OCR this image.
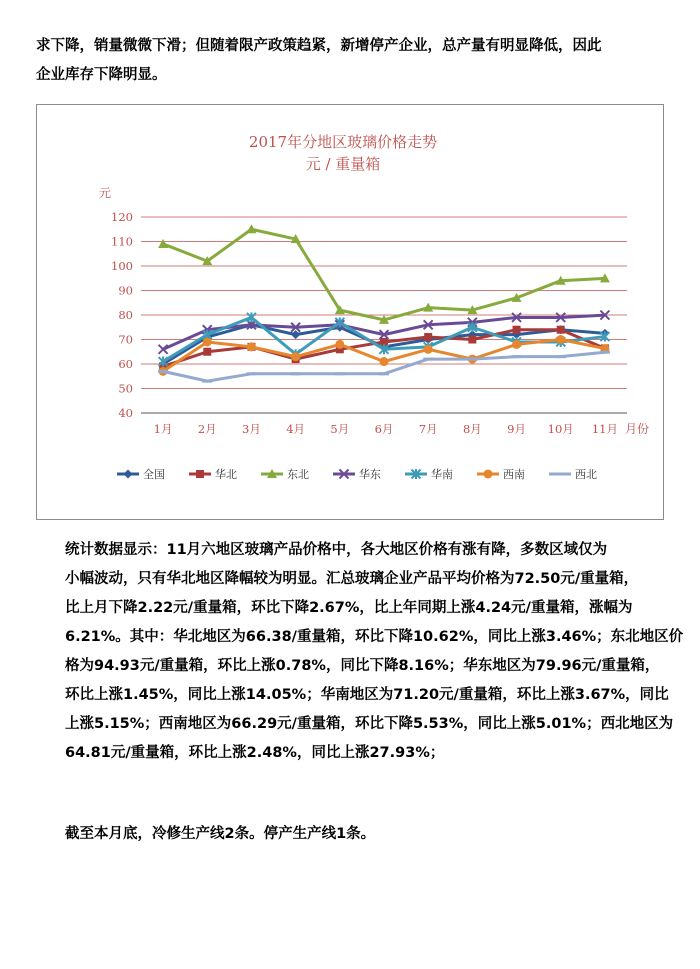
求下降，销量微微下滑；但随着限产政策趋紧，新增停产企业，总产量有明显降低，因此
企业库存下降明显。
2017年分地区玻璃价格走势
元 / 重量箱
元
月份
40
50
60
70
80
90
100
110
120
1月 2月 3月 4月 5月 6月 7月 8月 9月 10月 11月
全国	华北	东北	华东	华南	西南	西北
统计数据显示：11月六地区玻璃产品价格中，各大地区价格有涨有降，多数区域仅为
小幅波动，只有华北地区降幅较为明显。汇总玻璃企业产品平均价格为72.50元/重量箱，
比上月下降2.22元/重量箱，环比下降2.67%，比上年同期上涨4.24元/重量箱，涨幅为
6.21%。其中：华北地区为66.38/重量箱，环比下降10.62%，同比上涨3.46%；东北地区价
格为94.93元/重量箱，环比上涨0.78%，同比下降8.16%；华东地区为79.96元/重量箱，
环比上涨1.45%，同比上涨14.05%；华南地区为71.20元/重量箱，环比上涨3.67%，同比
上涨5.15%；西南地区为66.29元/重量箱，环比下降5.53%，同比上涨5.01%；西北地区为
64.81元/重量箱，环比上涨2.48%，同比上涨27.93%；
截至本月底，冷修生产线2条。停产生产线1条。
